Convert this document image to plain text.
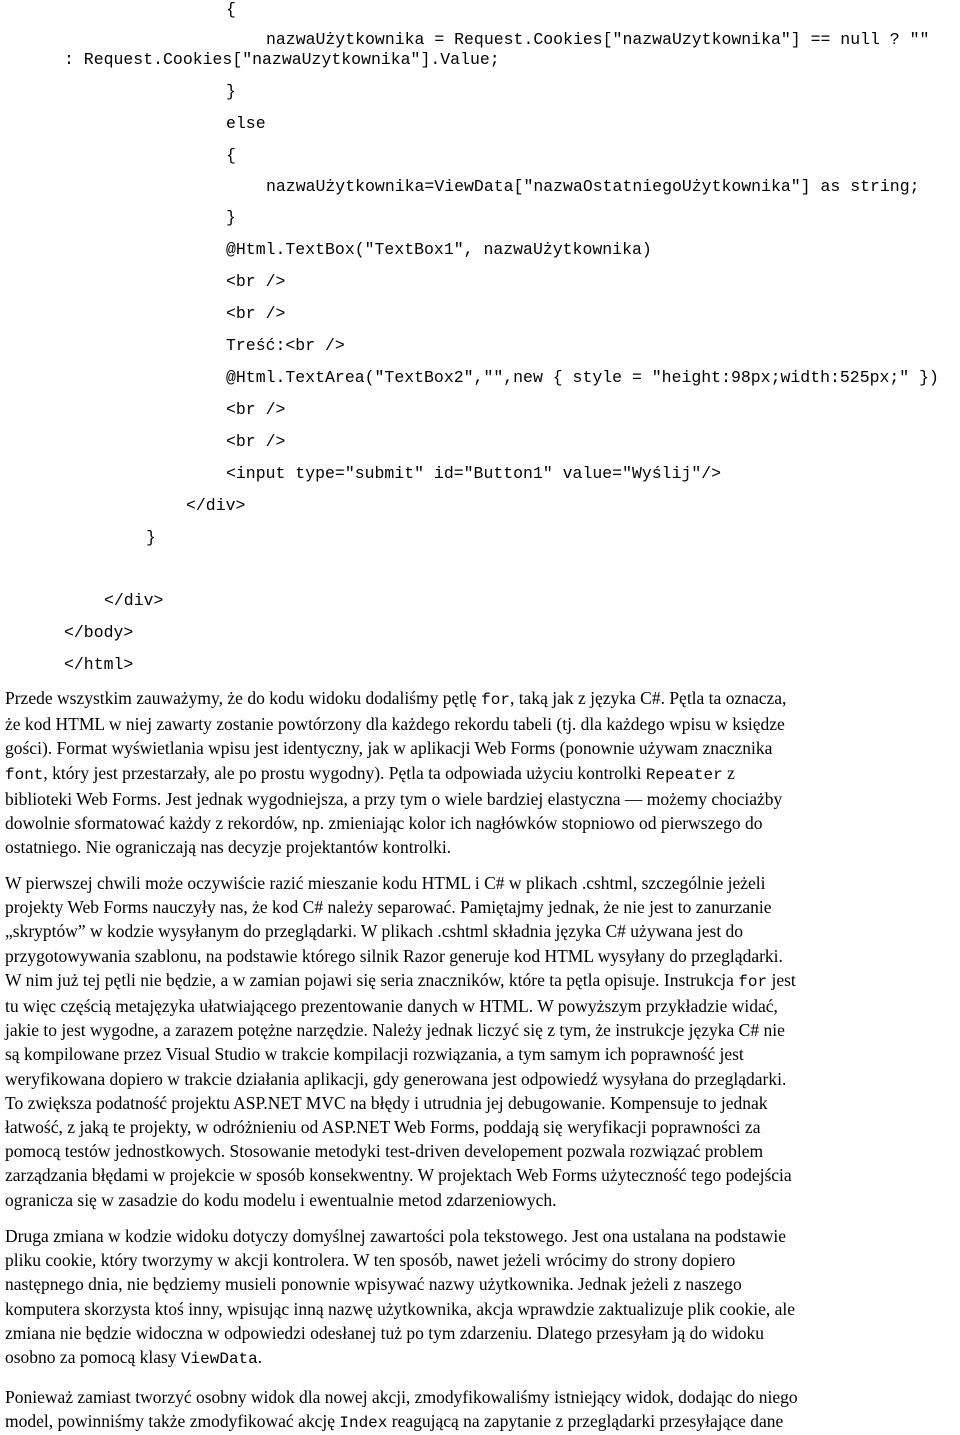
{
nazwaUżytkownika = Request.Cookies["nazwaUzytkownika"] == null ? ""
: Request.Cookies["nazwaUzytkownika"].Value;
}
else
{
nazwaUżytkownika=ViewData["nazwaOstatniegoUżytkownika"] as string;
}
@Html.TextBox("TextBox1", nazwaUżytkownika)
<br />
<br />
Treść:<br />
@Html.TextArea("TextBox2","",new { style = "height:98px;width:525px;" })
<br />
<br />
<input type="submit" id="Button1" value="Wyślij"/>
</div>
}
</div>
</body>
</html>
Przede wszystkim zauważymy, że do kodu widoku dodaliśmy pętlę for, taką jak z języka C#. Pętla ta oznacza,
że kod HTML w niej zawarty zostanie powtórzony dla każdego rekordu tabeli (tj. dla każdego wpisu w księdze
gości). Format wyświetlania wpisu jest identyczny, jak w aplikacji Web Forms (ponownie używam znacznika
font, który jest przestarzały, ale po prostu wygodny). Pętla ta odpowiada użyciu kontrolki Repeater z
biblioteki Web Forms. Jest jednak wygodniejsza, a przy tym o wiele bardziej elastyczna — możemy chociażby
dowolnie sformatować każdy z rekordów, np. zmieniając kolor ich nagłówków stopniowo od pierwszego do
ostatniego. Nie ograniczają nas decyzje projektantów kontrolki.
W pierwszej chwili może oczywiście razić mieszanie kodu HTML i C# w plikach .cshtml, szczególnie jeżeli
projekty Web Forms nauczyły nas, że kod C# należy separować. Pamiętajmy jednak, że nie jest to zanurzanie
„skryptów” w kodzie wysyłanym do przeglądarki. W plikach .cshtml składnia języka C# używana jest do
przygotowywania szablonu, na podstawie którego silnik Razor generuje kod HTML wysyłany do przeglądarki.
W nim już tej pętli nie będzie, a w zamian pojawi się seria znaczników, które ta pętla opisuje. Instrukcja for jest
tu więc częścią metajęzyka ułatwiającego prezentowanie danych w HTML. W powyższym przykładzie widać,
jakie to jest wygodne, a zarazem potężne narzędzie. Należy jednak liczyć się z tym, że instrukcje języka C# nie
są kompilowane przez Visual Studio w trakcie kompilacji rozwiązania, a tym samym ich poprawność jest
weryfikowana dopiero w trakcie działania aplikacji, gdy generowana jest odpowiedź wysyłana do przeglądarki.
To zwiększa podatność projektu ASP.NET MVC na błędy i utrudnia jej debugowanie. Kompensuje to jednak
łatwość, z jaką te projekty, w odróżnieniu od ASP.NET Web Forms, poddają się weryfikacji poprawności za
pomocą testów jednostkowych. Stosowanie metodyki test-driven developement pozwala rozwiązać problem
zarządzania błędami w projekcie w sposób konsekwentny. W projektach Web Forms użyteczność tego podejścia
ogranicza się w zasadzie do kodu modelu i ewentualnie metod zdarzeniowych.
Druga zmiana w kodzie widoku dotyczy domyślnej zawartości pola tekstowego. Jest ona ustalana na podstawie
pliku cookie, który tworzymy w akcji kontrolera. W ten sposób, nawet jeżeli wrócimy do strony dopiero
następnego dnia, nie będziemy musieli ponownie wpisywać nazwy użytkownika. Jednak jeżeli z naszego
komputera skorzysta ktoś inny, wpisując inną nazwę użytkownika, akcja wprawdzie zaktualizuje plik cookie, ale
zmiana nie będzie widoczna w odpowiedzi odesłanej tuż po tym zdarzeniu. Dlatego przesyłam ją do widoku
osobno za pomocą klasy ViewData.
Ponieważ zamiast tworzyć osobny widok dla nowej akcji, zmodyfikowaliśmy istniejący widok, dodając do niego
model, powinniśmy także zmodyfikować akcję Index reagującą na zapytanie z przeglądarki przesyłające dane
